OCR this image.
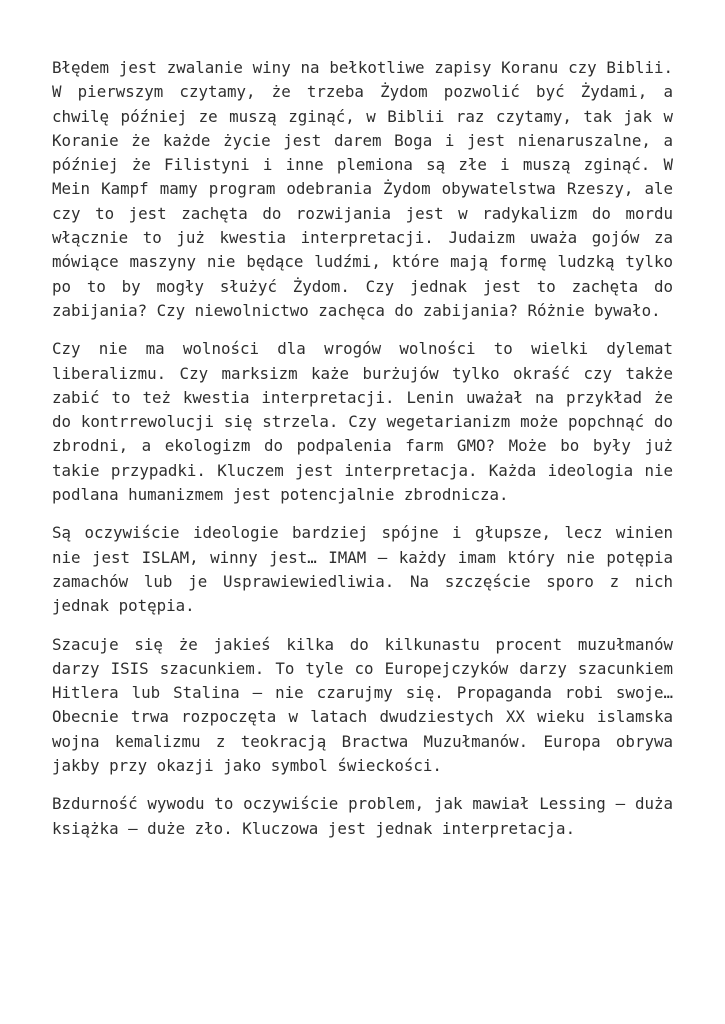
Błędem jest zwalanie winy na bełkotliwe zapisy Koranu czy Biblii. W pierwszym czytamy, że trzeba Żydom pozwolić być Żydami, a chwilę później ze muszą zginąć, w Biblii raz czytamy, tak jak w Koranie że każde życie jest darem Boga i jest nienaruszalne, a później że Filistyni i inne plemiona są złe i muszą zginąć. W Mein Kampf mamy program odebrania Żydom obywatelstwa Rzeszy, ale czy to jest zachęta do rozwijania jest w radykalizm do mordu włącznie to już kwestia interpretacji. Judaizm uważa gojów za mówiące maszyny nie będące ludźmi, które mają formę ludzką tylko po to by mogły służyć Żydom. Czy jednak jest to zachęta do zabijania? Czy niewolnictwo zachęca do zabijania? Różnie bywało.

Czy nie ma wolności dla wrogów wolności to wielki dylemat liberalizmu. Czy marksizm każe burżujów tylko okraść czy także zabić to też kwestia interpretacji. Lenin uważał na przykład że do kontrrewolucji się strzela. Czy wegetarianizm może popchnąć do zbrodni, a ekologizm do podpalenia farm GMO? Może bo były już takie przypadki. Kluczem jest interpretacja. Każda ideologia nie podlana humanizmem jest potencjalnie zbrodnicza.

Są oczywiście ideologie bardziej spójne i głupsze, lecz winien nie jest ISLAM, winny jest… IMAM – każdy imam który nie potępia zamachów lub je Usprawiewiedliwia. Na szczęście sporo z nich jednak potępia.

Szacuje się że jakieś kilka do kilkunastu procent muzułmanów darzy ISIS szacunkiem. To tyle co Europejczyków darzy szacunkiem Hitlera lub Stalina – nie czarujmy się. Propaganda robi swoje… Obecnie trwa rozpoczęta w latach dwudziestych XX wieku islamska wojna kemalizmu z teokracją Bractwa Muzułmanów. Europa obrywa jakby przy okazji jako symbol świeckości.

Bzdurność wywodu to oczywiście problem, jak mawiał Lessing – duża książka – duże zło. Kluczowa jest jednak interpretacja.
